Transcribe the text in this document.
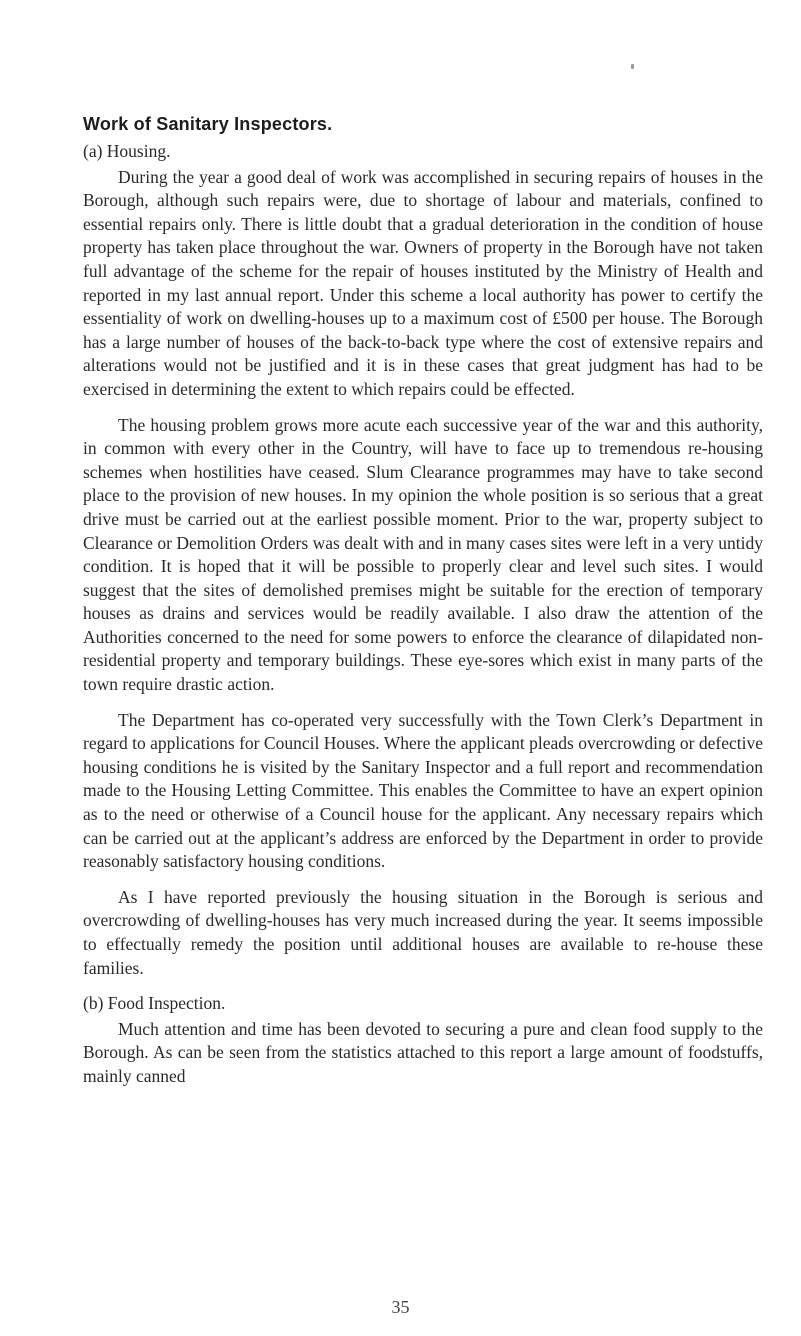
Work of Sanitary Inspectors.
(a) Housing.

During the year a good deal of work was accomplished in securing repairs of houses in the Borough, although such repairs were, due to shortage of labour and materials, confined to essential repairs only. There is little doubt that a gradual deterioration in the condition of house property has taken place throughout the war. Owners of property in the Borough have not taken full advantage of the scheme for the repair of houses instituted by the Ministry of Health and reported in my last annual report. Under this scheme a local authority has power to certify the essentiality of work on dwelling-houses up to a maximum cost of £500 per house. The Borough has a large number of houses of the back-to-back type where the cost of extensive repairs and alterations would not be justified and it is in these cases that great judgment has had to be exercised in determining the extent to which repairs could be effected.

The housing problem grows more acute each successive year of the war and this authority, in common with every other in the Country, will have to face up to tremendous re-housing schemes when hostilities have ceased. Slum Clearance programmes may have to take second place to the provision of new houses. In my opinion the whole position is so serious that a great drive must be carried out at the earliest possible moment. Prior to the war, property subject to Clearance or Demolition Orders was dealt with and in many cases sites were left in a very untidy condition. It is hoped that it will be possible to properly clear and level such sites. I would suggest that the sites of demolished premises might be suitable for the erection of temporary houses as drains and services would be readily available. I also draw the attention of the Authorities concerned to the need for some powers to enforce the clearance of dilapidated non-residential property and temporary buildings. These eye-sores which exist in many parts of the town require drastic action.

The Department has co-operated very successfully with the Town Clerk’s Department in regard to applications for Council Houses. Where the applicant pleads overcrowding or defective housing conditions he is visited by the Sanitary Inspector and a full report and recommendation made to the Housing Letting Committee. This enables the Committee to have an expert opinion as to the need or otherwise of a Council house for the applicant. Any necessary repairs which can be carried out at the applicant’s address are enforced by the Department in order to provide reasonably satisfactory housing conditions.

As I have reported previously the housing situation in the Borough is serious and overcrowding of dwelling-houses has very much increased during the year. It seems impossible to effectually remedy the position until additional houses are available to re-house these families.

(b) Food Inspection.

Much attention and time has been devoted to securing a pure and clean food supply to the Borough. As can be seen from the statistics attached to this report a large amount of foodstuffs, mainly canned

35
